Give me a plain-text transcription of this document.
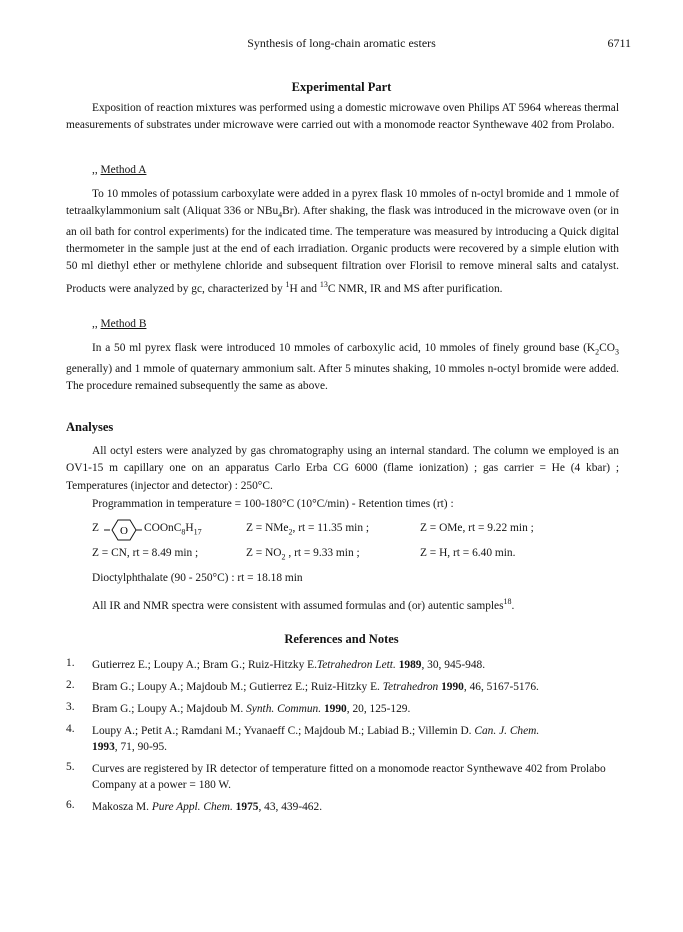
Synthesis of long-chain aromatic esters	6711
Experimental Part

Exposition of reaction mixtures was performed using a domestic microwave oven Philips AT 5964 whereas thermal measurements of substrates under microwave were carried out with a monomode reactor Synthewave 402 from Prolabo.

,, Method A

To 10 mmoles of potassium carboxylate were added in a pyrex flask 10 mmoles of n-octyl bromide and 1 mmole of tetraalkylammonium salt (Aliquat 336 or NBu$_4$Br). After shaking, the flask was introduced in the microwave oven (or in an oil bath for control experiments) for the indicated time. The temperature was measured by introducing a Quick digital thermometer in the sample just at the end of each irradiation. Organic products were recovered by a simple elution with 50 ml diethyl ether or methylene chloride and subsequent filtration over Florisil to remove mineral salts and catalyst. Products were analyzed by gc, characterized by $^1$H and $^{13}$C NMR, IR and MS after purification.

,, Method B

In a 50 ml pyrex flask were introduced 10 mmoles of carboxylic acid, 10 mmoles of finely ground base ($K_2CO_3$ generally) and 1 mmole of quaternary ammonium salt. After 5 minutes shaking, 10 mmoles n-octyl bromide were added. The procedure remained subsequently the same as above.

Analyses

All octyl esters were analyzed by gas chromatography using an internal standard. The column we employed is an OV1-15 m capillary one on an apparatus Carlo Erba CG 6000 (flame ionization) ; gas carrier = He (4 kbar) ; Temperatures (injector and detector) : 250°C.

Programmation in temperature = 100-180°C (10°C/min) - Retention times (rt) :
Z O $COOnC_8H_{17}$	Z = NMe$_2$, rt = 11.35 min ;	Z = OMe, rt = 9.22 min ;
Z = CN, rt = 8.49 min ;	$Z = NO_2$ , rt = 9.33 min ;	Z = H, rt = 6.40 min.
Dioctylphthalate (90 - 250°C) : rt = 18.18 min
All IR and NMR spectra were consistent with assumed formulas and (or) autentic samples$^{18}$.
References and Notes
1. Gutierrez E.; Loupy A.; Bram G.; Ruiz-Hitzky E.Tetrahedron Lett. 1989, 30, 945-948.
2. Bram G.; Loupy A.; Majdoub M.; Gutierrez E.; Ruiz-Hitzky E. Tetrahedron 1990, 46, 5167-5176.
3. Bram G.; Loupy A.; Majdoub M. Synth. Commun. 1990, 20, 125-129.
4. Loupy A.; Petit A.; Ramdani M.; Yvanaeff C.; Majdoub M.; Labiad B.; Villemin D. Can. J. Chem.
1993, 71, 90-95.
5. Curves are registered by IR detector of temperature fitted on a monomode reactor Synthewave 402 from Prolabo Company at a power = 180 W.
6. Makosza M. Pure Appl. Chem. 1975, 43, 439-462.
